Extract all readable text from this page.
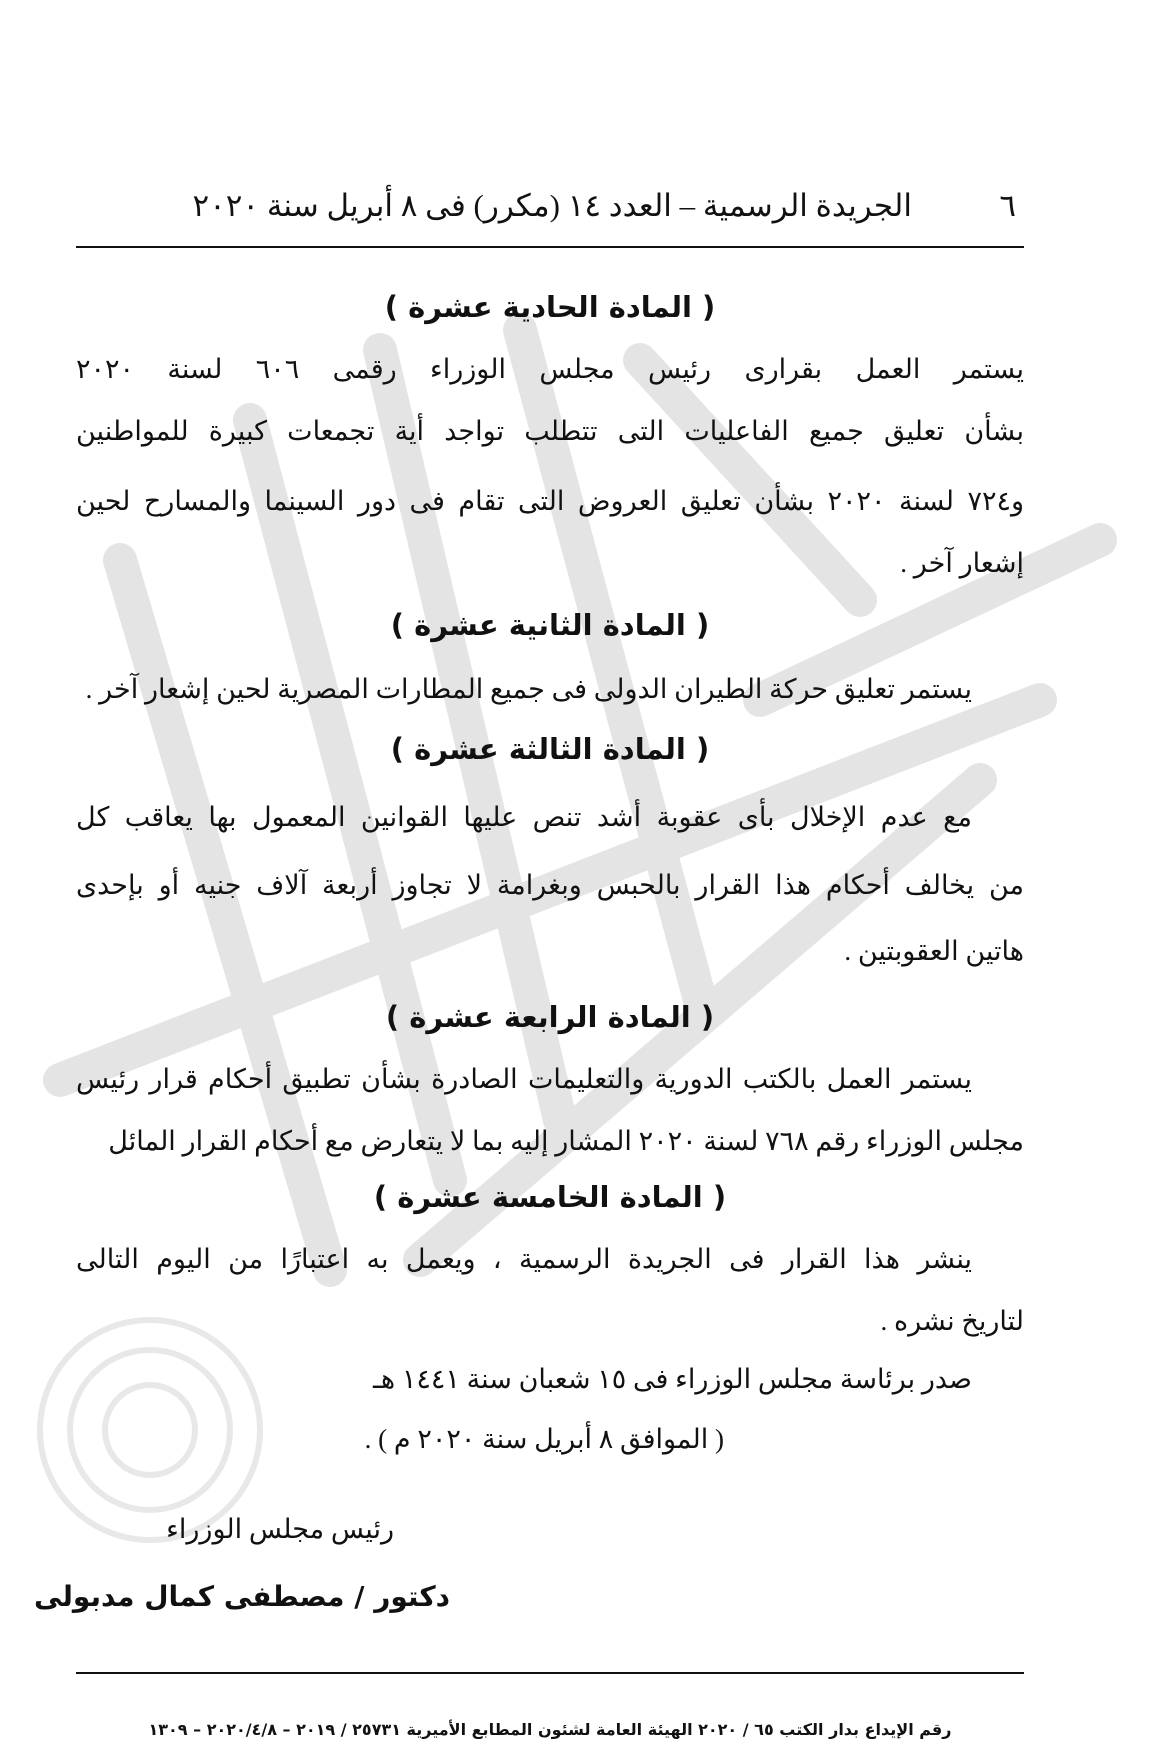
٦
الجريدة الرسمية – العدد ١٤ (مكرر) فى ٨ أبريل سنة ٢٠٢٠
( المادة الحادية عشرة )
يستمر العمل بقرارى رئيس مجلس الوزراء رقمى ٦٠٦ لسنة ٢٠٢٠
بشأن تعليق جميع الفاعليات التى تتطلب تواجد أية تجمعات كبيرة للمواطنين
و٧٢٤ لسنة ٢٠٢٠ بشأن تعليق العروض التى تقام فى دور السينما والمسارح لحين
إشعار آخر .
( المادة الثانية عشرة )
يستمر تعليق حركة الطيران الدولى فى جميع المطارات المصرية لحين إشعار آخر .
( المادة الثالثة عشرة )
مع عدم الإخلال بأى عقوبة أشد تنص عليها القوانين المعمول بها يعاقب كل
من يخالف أحكام هذا القرار بالحبس وبغرامة لا تجاوز أربعة آلاف جنيه أو بإحدى
هاتين العقوبتين .
( المادة الرابعة عشرة )
يستمر العمل بالكتب الدورية والتعليمات الصادرة بشأن تطبيق أحكام قرار رئيس
مجلس الوزراء رقم ٧٦٨ لسنة ٢٠٢٠ المشار إليه بما لا يتعارض مع أحكام القرار المائل
( المادة الخامسة عشرة )
ينشر هذا القرار فى الجريدة الرسمية ، ويعمل به اعتبارًا من اليوم التالى
لتاريخ نشره .
صدر برئاسة مجلس الوزراء فى ١٥ شعبان سنة ١٤٤١ هـ
( الموافق ٨ أبريل سنة ٢٠٢٠ م ) .
رئيس مجلس الوزراء
دكتور / مصطفى كمال مدبولى
رقم الإيداع بدار الكتب ٦٥ / ٢٠٢٠ الهيئة العامة لشئون المطابع الأميرية ٢٥٧٣١ / ٢٠١٩ – ٢٠٢٠/٤/٨ – ١٣٠٩
